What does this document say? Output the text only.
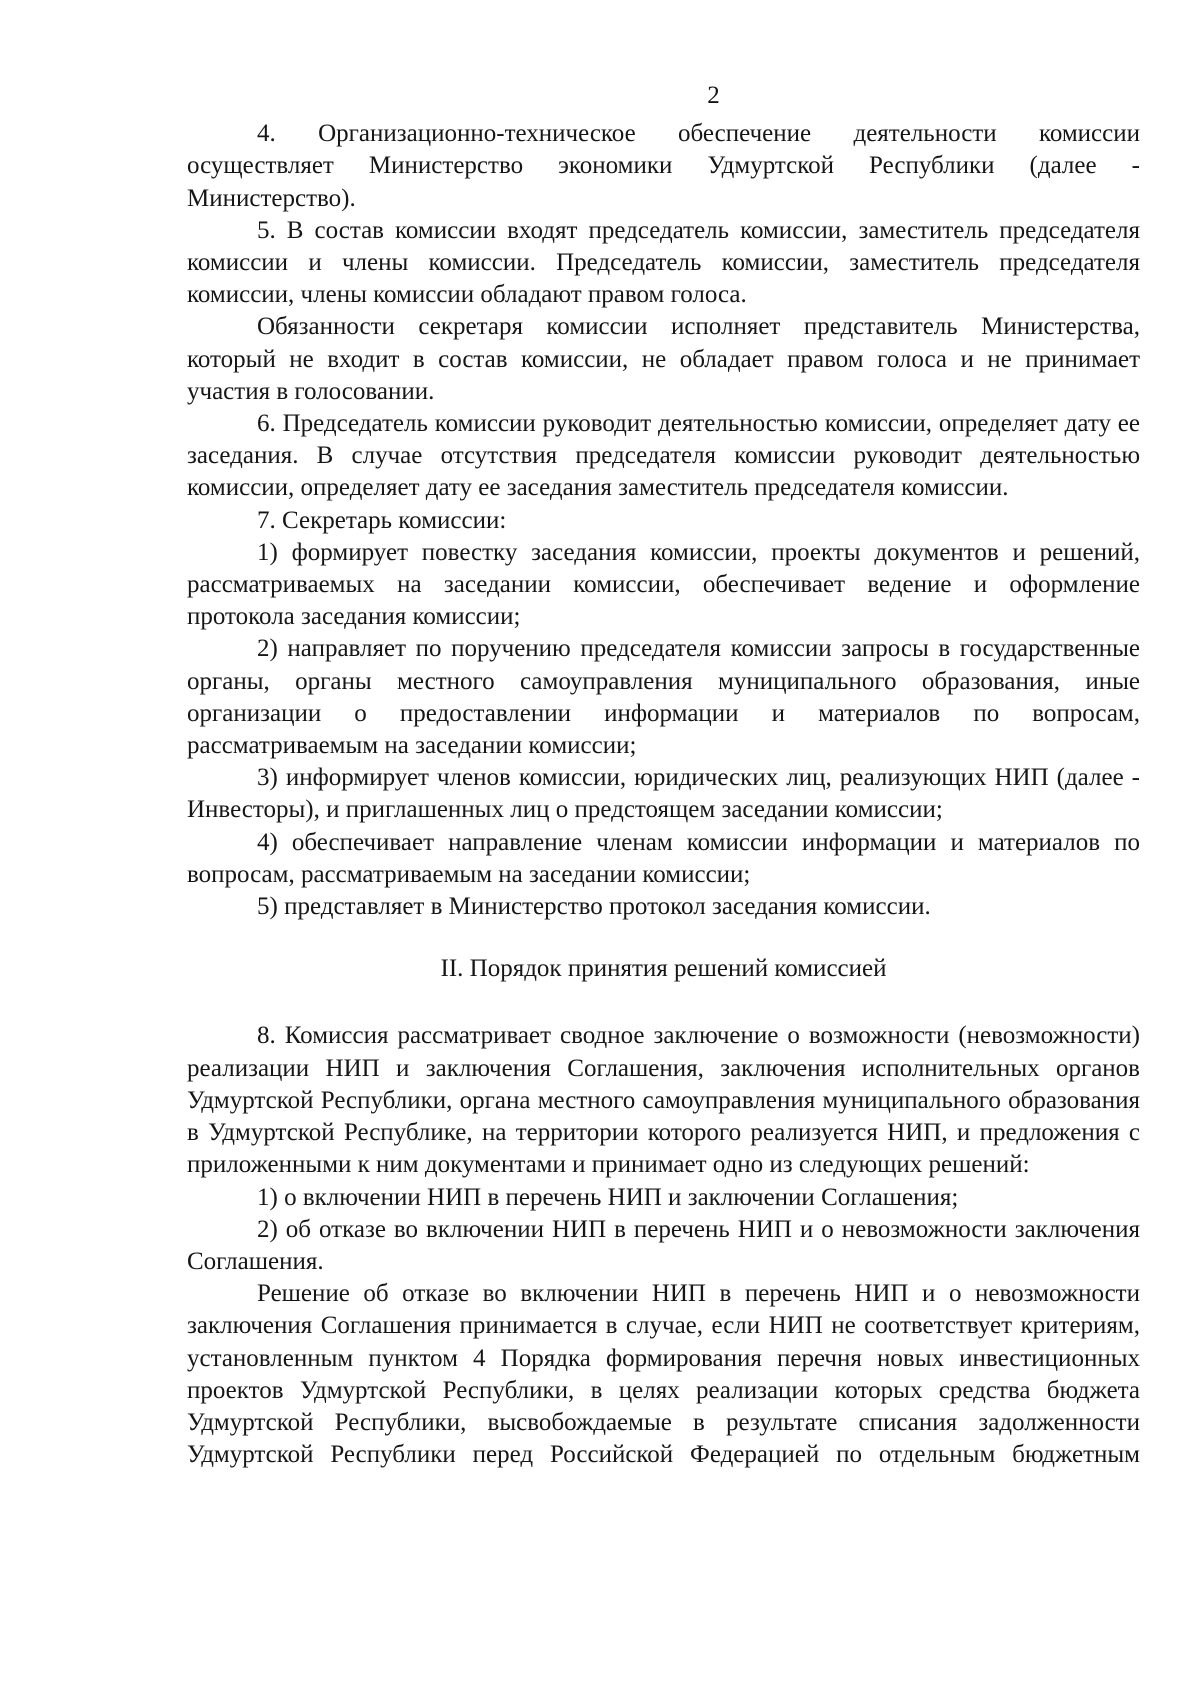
2

4. Организационно-техническое обеспечение деятельности комиссии осуществляет Министерство экономики Удмуртской Республики (далее - Министерство).

5. В состав комиссии входят председатель комиссии, заместитель председателя комиссии и члены комиссии. Председатель комиссии, заместитель председателя комиссии, члены комиссии обладают правом голоса.

Обязанности секретаря комиссии исполняет представитель Министерства, который не входит в состав комиссии, не обладает правом голоса и не принимает участия в голосовании.

6. Председатель комиссии руководит деятельностью комиссии, определяет дату ее заседания. В случае отсутствия председателя комиссии руководит деятельностью комиссии, определяет дату ее заседания заместитель председателя комиссии.

7. Секретарь комиссии:

1) формирует повестку заседания комиссии, проекты документов и решений, рассматриваемых на заседании комиссии, обеспечивает ведение и оформление протокола заседания комиссии;

2) направляет по поручению председателя комиссии запросы в государственные органы, органы местного самоуправления муниципального образования, иные организации о предоставлении информации и материалов по вопросам, рассматриваемым на заседании комиссии;

3) информирует членов комиссии, юридических лиц, реализующих НИП (далее - Инвесторы), и приглашенных лиц о предстоящем заседании комиссии;

4) обеспечивает направление членам комиссии информации и материалов по вопросам, рассматриваемым на заседании комиссии;

5) представляет в Министерство протокол заседания комиссии.

II. Порядок принятия решений комиссией

8. Комиссия рассматривает сводное заключение о возможности (невозможности) реализации НИП и заключения Соглашения, заключения исполнительных органов Удмуртской Республики, органа местного самоуправления муниципального образования в Удмуртской Республике, на территории которого реализуется НИП, и предложения с приложенными к ним документами и принимает одно из следующих решений:

1) о включении НИП в перечень НИП и заключении Соглашения;

2) об отказе во включении НИП в перечень НИП и о невозможности заключения Соглашения.

Решение об отказе во включении НИП в перечень НИП и о невозможности заключения Соглашения принимается в случае, если НИП не соответствует критериям, установленным пунктом 4 Порядка формирования перечня новых инвестиционных проектов Удмуртской Республики, в целях реализации которых средства бюджета Удмуртской Республики, высвобождаемые в результате списания задолженности Удмуртской Республики перед Российской Федерацией по отдельным бюджетным
